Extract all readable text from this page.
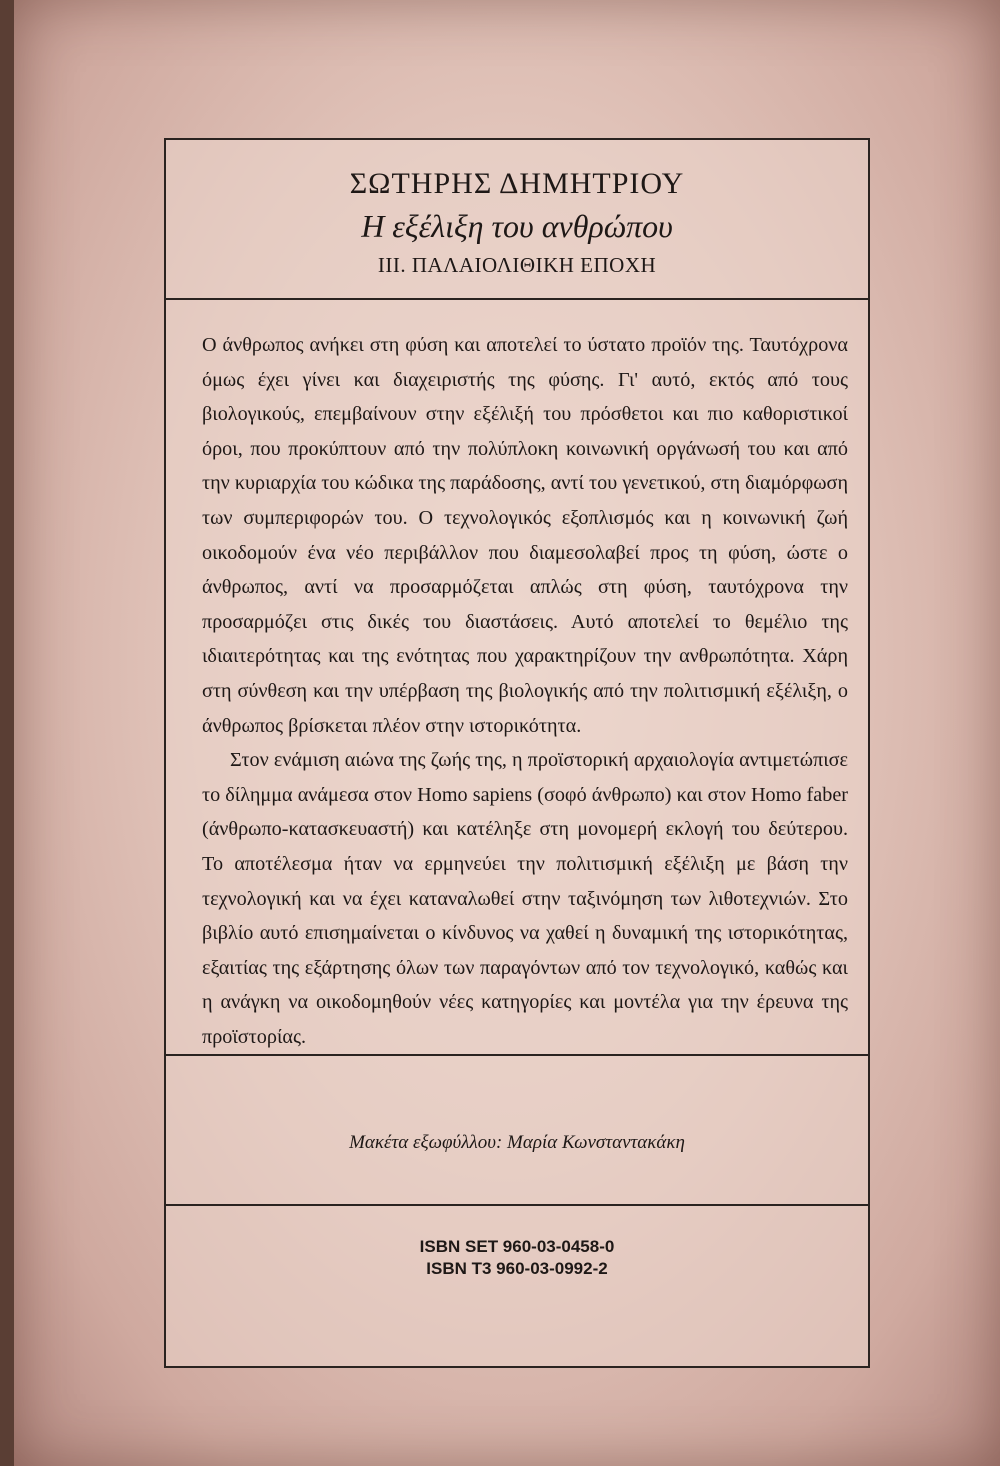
ΣΩΤΗΡΗΣ ΔΗΜΗΤΡΙΟΥ
Η εξέλιξη του ανθρώπου
III. ΠΑΛΑΙΟΛΙΘΙΚΗ ΕΠΟΧΗ

Ο άνθρωπος ανήκει στη φύση και αποτελεί το ύστατο προϊόν της. Ταυτόχρονα όμως έχει γίνει και διαχειριστής της φύσης. Γι' αυτό, εκτός από τους βιολογικούς, επεμβαίνουν στην εξέλιξή του πρόσθετοι και πιο καθοριστικοί όροι, που προκύπτουν από την πολύπλοκη κοινωνική οργάνωσή του και από την κυριαρχία του κώδικα της παράδοσης, αντί του γενετικού, στη διαμόρφωση των συμπεριφορών του. Ο τεχνολογικός εξοπλισμός και η κοινωνική ζωή οικοδομούν ένα νέο περιβάλλον που διαμεσολαβεί προς τη φύση, ώστε ο άνθρωπος, αντί να προσαρμόζεται απλώς στη φύση, ταυτόχρονα την προσαρμόζει στις δικές του διαστάσεις. Αυτό αποτελεί το θεμέλιο της ιδιαιτερότητας και της ενότητας που χαρακτηρίζουν την ανθρωπότητα. Χάρη στη σύνθεση και την υπέρβαση της βιολογικής από την πολιτισμική εξέλιξη, ο άνθρωπος βρίσκεται πλέον στην ιστορικότητα.

Στον ενάμιση αιώνα της ζωής της, η προϊστορική αρχαιολογία αντιμετώπισε το δίλημμα ανάμεσα στον Homo sapiens (σοφό άνθρωπο) και στον Homo faber (άνθρωπο-κατασκευαστή) και κατέληξε στη μονομερή εκλογή του δεύτερου. Το αποτέλεσμα ήταν να ερμηνεύει την πολιτισμική εξέλιξη με βάση την τεχνολογική και να έχει καταναλωθεί στην ταξινόμηση των λιθοτεχνιών. Στο βιβλίο αυτό επισημαίνεται ο κίνδυνος να χαθεί η δυναμική της ιστορικότητας, εξαιτίας της εξάρτησης όλων των παραγόντων από τον τεχνολογικό, καθώς και η ανάγκη να οικοδομηθούν νέες κατηγορίες και μοντέλα για την έρευνα της προϊστορίας.

Μακέτα εξωφύλλου: Μαρία Κωνσταντακάκη
ISBN SET 960-03-0458-0
ISBN T3 960-03-0992-2
